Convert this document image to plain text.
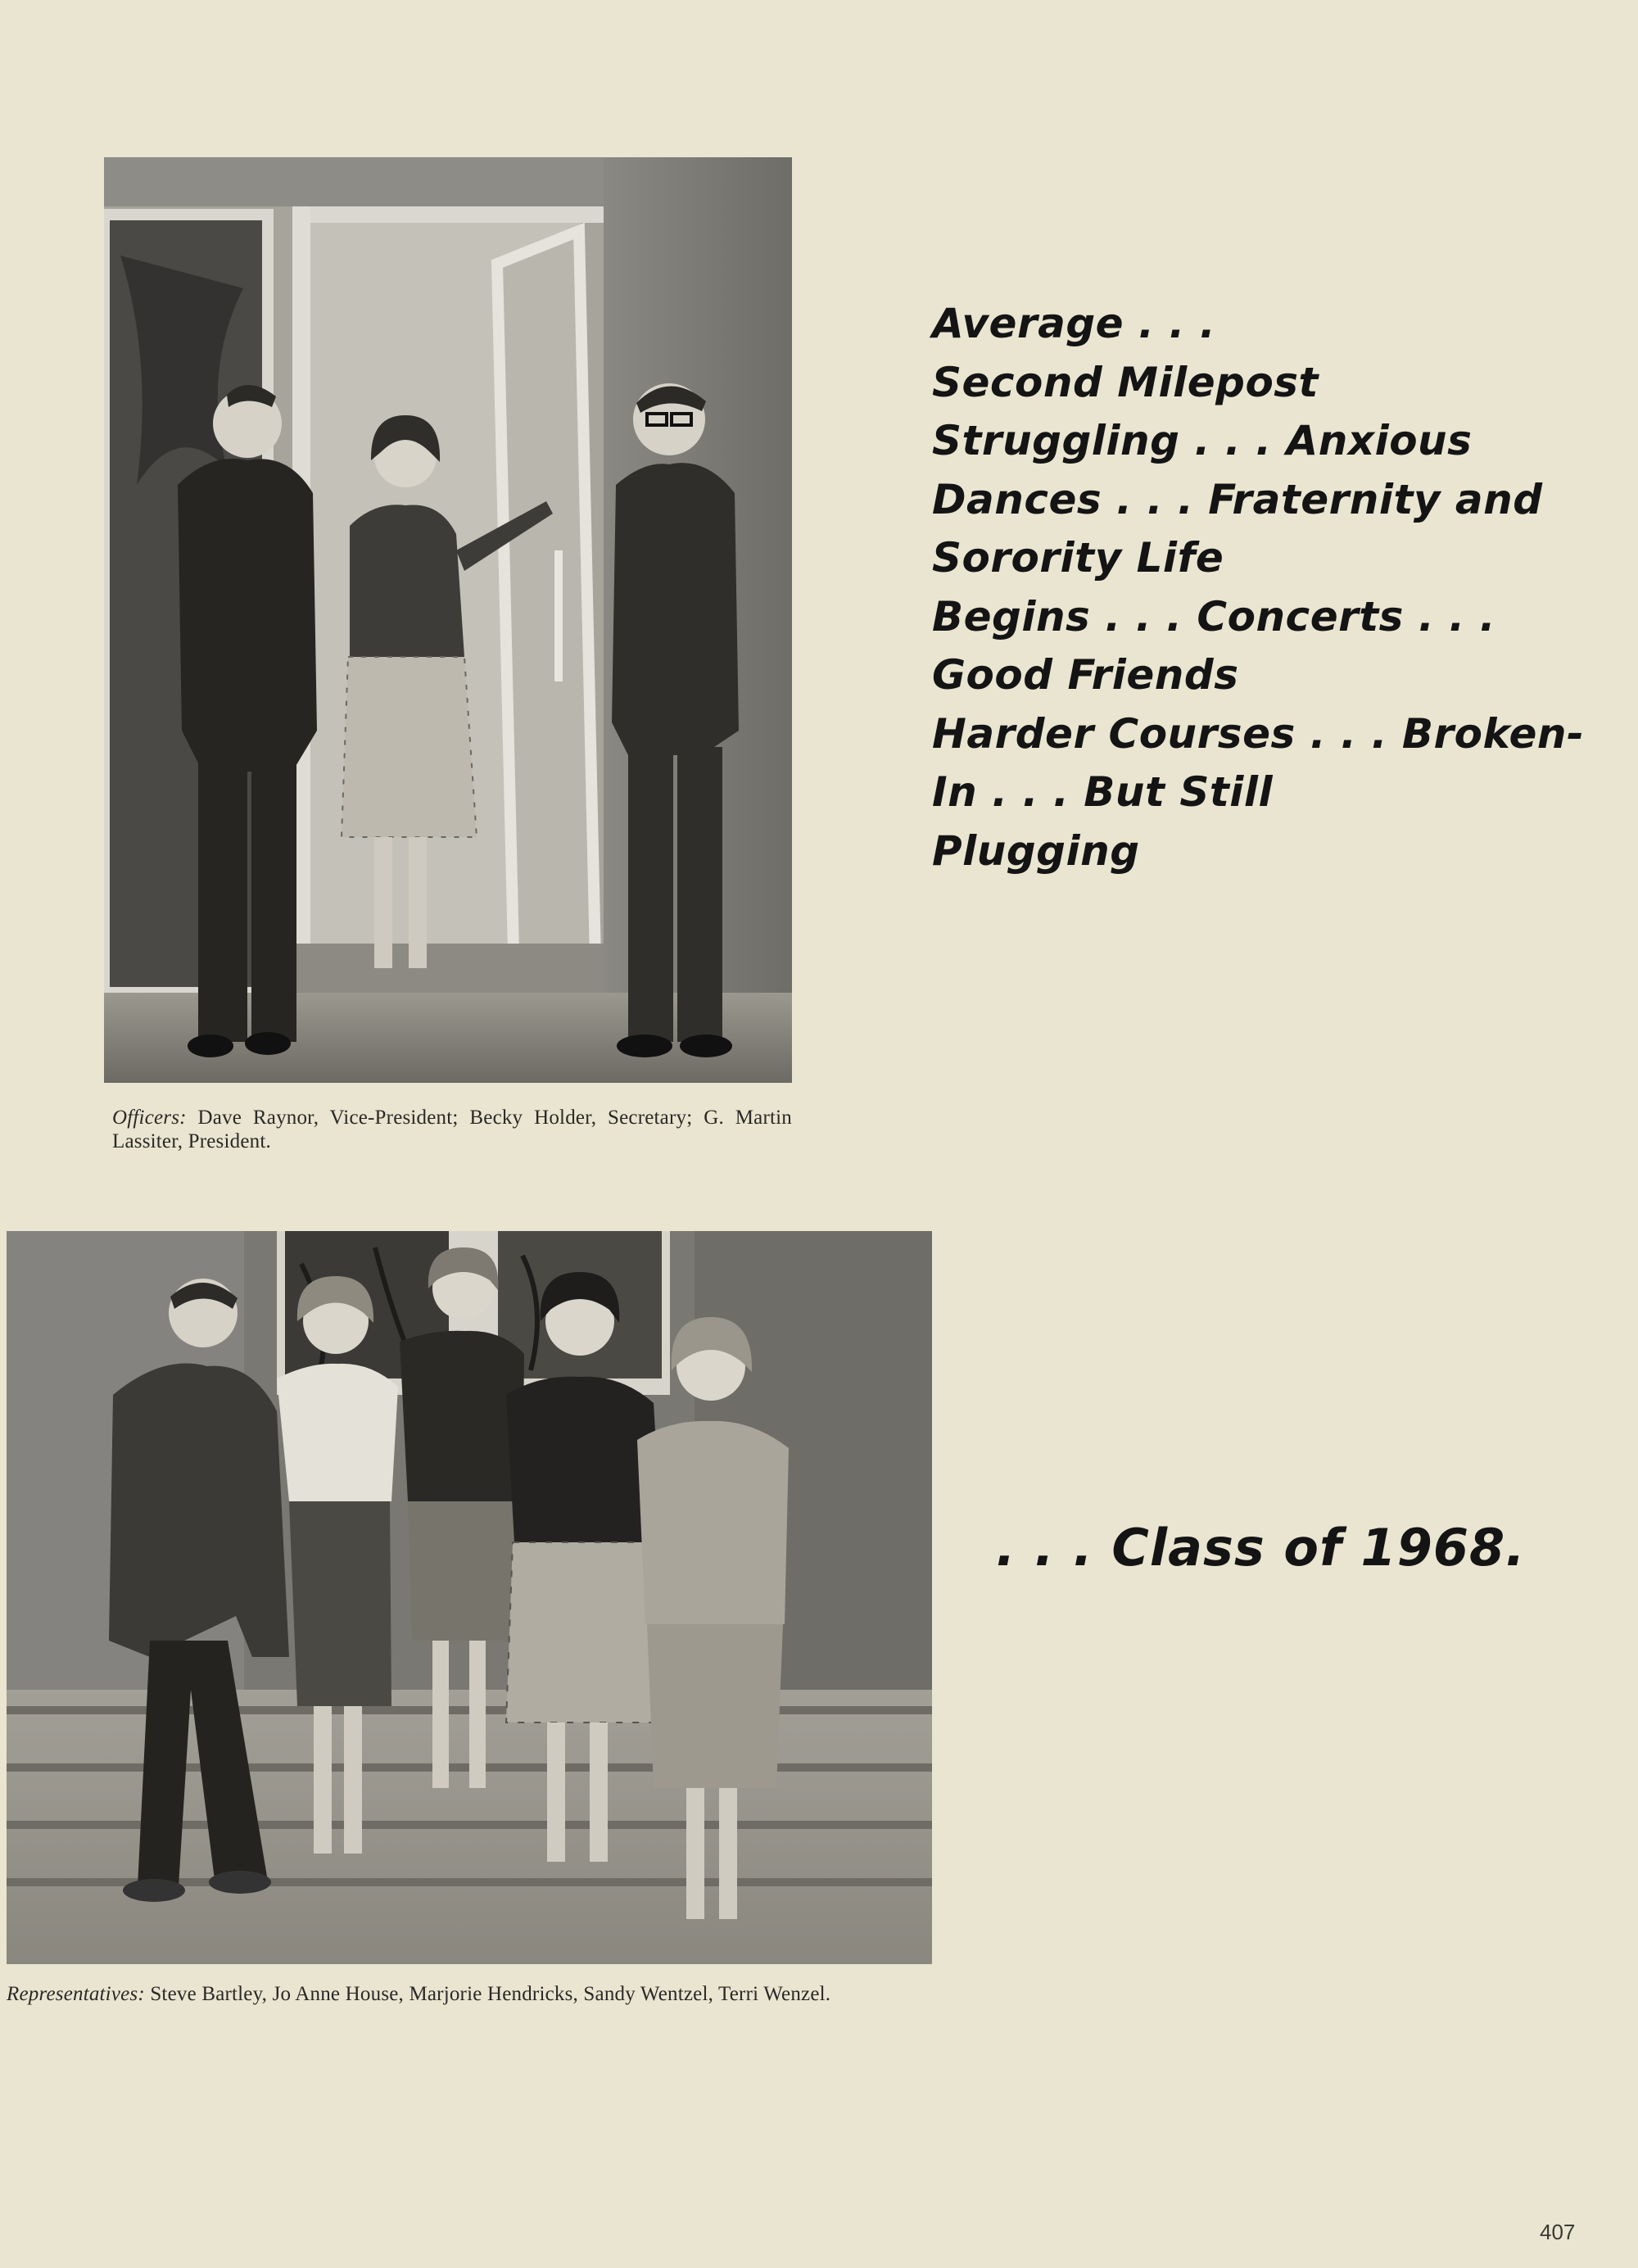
Officers: Dave Raynor, Vice-President; Becky Holder, Secretary; G. Martin Lassiter, President.
Average . . .
Second Milepost
Struggling . . . Anxious
Dances . . . Fraternity and
Sorority Life
Begins . . . Concerts . . .
Good Friends
Harder Courses . . . Broken-
In . . . But Still
Plugging
Representatives: Steve Bartley, Jo Anne House, Marjorie Hendricks, Sandy Wentzel, Terri Wenzel.
. . . Class of 1968.
407
